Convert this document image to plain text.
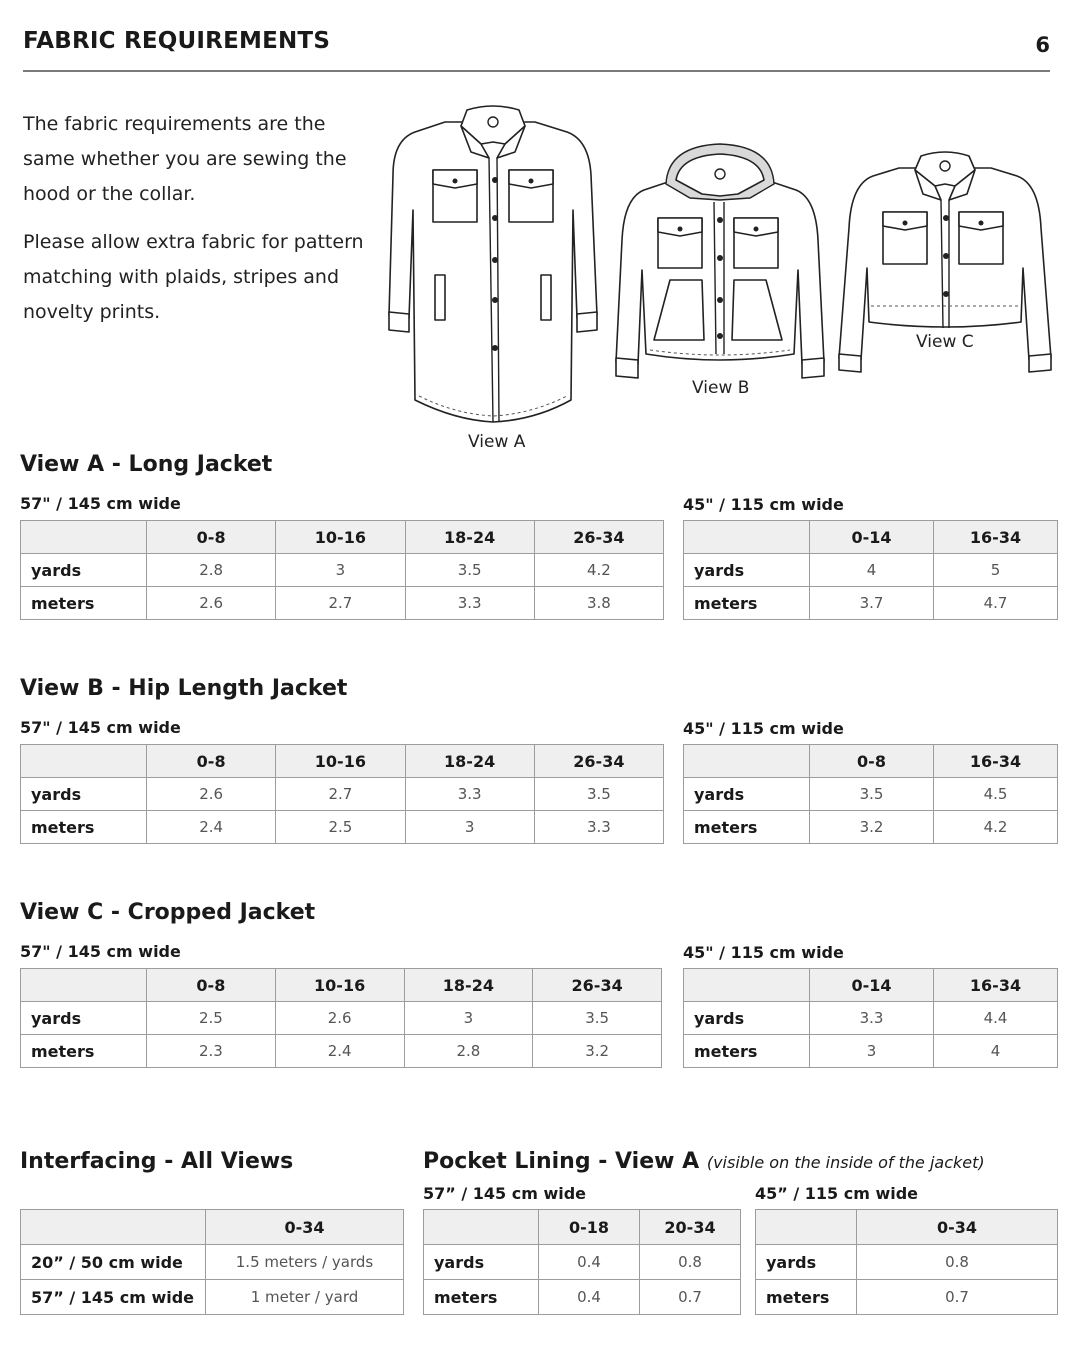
FABRIC REQUIREMENTS	6

The fabric requirements are the same whether you are sewing the hood or the collar.

Please allow extra fabric for pattern matching with plaids, stripes and novelty prints.

View A
View B
View C
View A - Long Jacket
57" / 145 cm wide
	0-8	10-16	18-24	26-34
yards	2.8	3	3.5	4.2
meters	2.6	2.7	3.3	3.8
45" / 115 cm wide
	0-14	16-34
yards	4	5
meters	3.7	4.7
View B - Hip Length Jacket
57" / 145 cm wide
	0-8	10-16	18-24	26-34
yards	2.6	2.7	3.3	3.5
meters	2.4	2.5	3	3.3
45" / 115 cm wide
	0-8	16-34
yards	3.5	4.5
meters	3.2	4.2
View C - Cropped Jacket
57" / 145 cm wide
	0-8	10-16	18-24	26-34
yards	2.5	2.6	3	3.5
meters	2.3	2.4	2.8	3.2
45" / 115 cm wide
	0-14	16-34
yards	3.3	4.4
meters	3	4
Interfacing - All Views
	0-34
20” / 50 cm wide	1.5 meters / yards
57” / 145 cm wide	1 meter / yard
Pocket Lining - View A (visible on the inside of the jacket)
57” / 145 cm wide
	0-18	20-34
yards	0.4	0.8
meters	0.4	0.7
45” / 115 cm wide
	0-34
yards	0.8
meters	0.7
